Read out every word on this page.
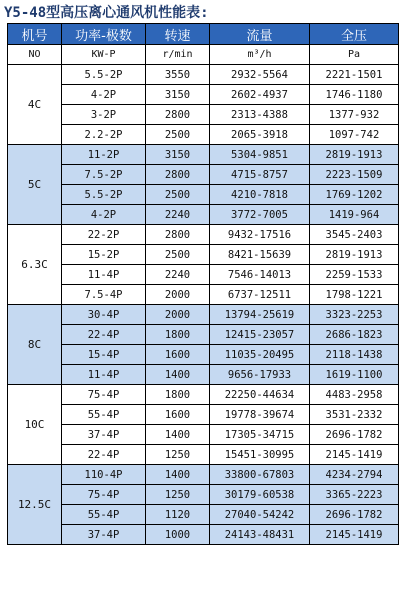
Y5-48型高压离心通风机性能表:
机号	功率-极数	转速	流量	全压
NO	KW-P	r/min	m³/h	Pa
4C	5.5-2P	3550	2932-5564	2221-1501
	4-2P	3150	2602-4937	1746-1180
	3-2P	2800	2313-4388	1377-932
	2.2-2P	2500	2065-3918	1097-742
5C	11-2P	3150	5304-9851	2819-1913
	7.5-2P	2800	4715-8757	2223-1509
	5.5-2P	2500	4210-7818	1769-1202
	4-2P	2240	3772-7005	1419-964
6.3C	22-2P	2800	9432-17516	3545-2403
	15-2P	2500	8421-15639	2819-1913
	11-4P	2240	7546-14013	2259-1533
	7.5-4P	2000	6737-12511	1798-1221
8C	30-4P	2000	13794-25619	3323-2253
	22-4P	1800	12415-23057	2686-1823
	15-4P	1600	11035-20495	2118-1438
	11-4P	1400	9656-17933	1619-1100
10C	75-4P	1800	22250-44634	4483-2958
	55-4P	1600	19778-39674	3531-2332
	37-4P	1400	17305-34715	2696-1782
	22-4P	1250	15451-30995	2145-1419
12.5C	110-4P	1400	33800-67803	4234-2794
	75-4P	1250	30179-60538	3365-2223
	55-4P	1120	27040-54242	2696-1782
	37-4P	1000	24143-48431	2145-1419
